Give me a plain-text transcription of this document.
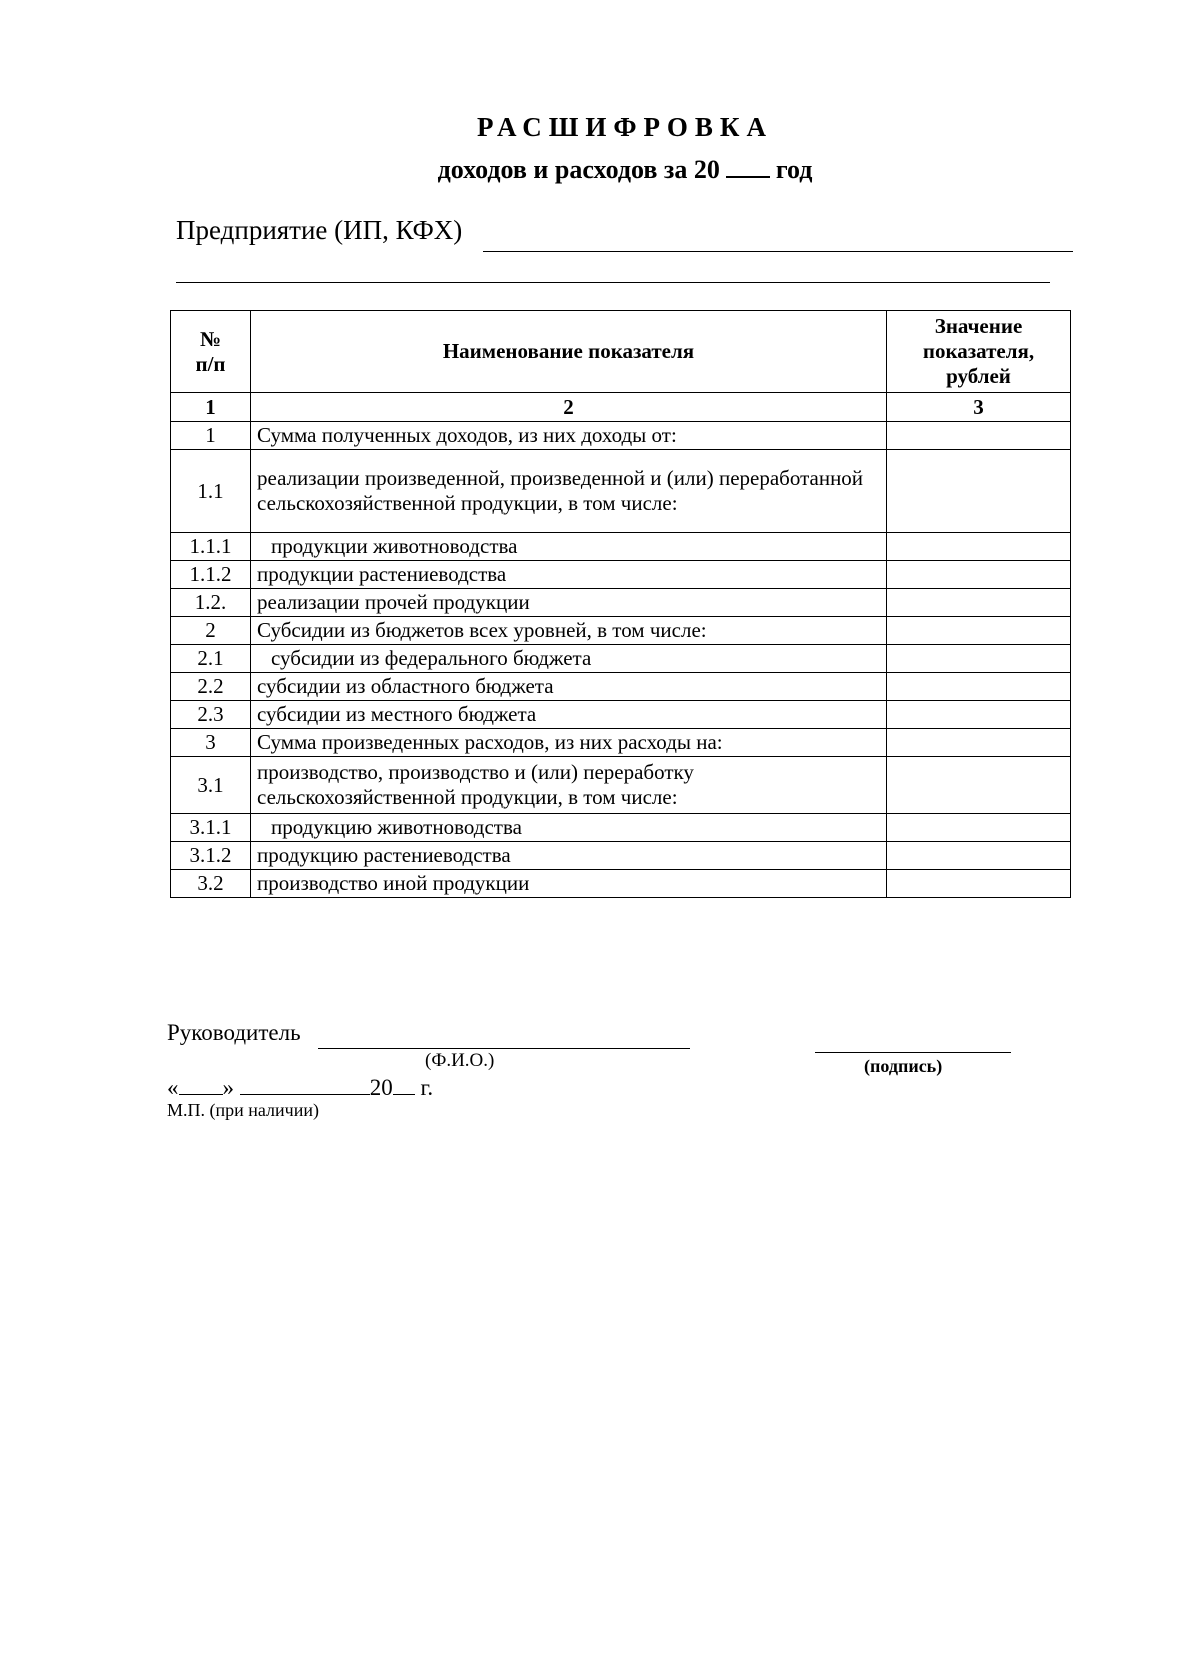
РАСШИФРОВКА
доходов и расходов за 20 год
Предприятие (ИП, КФХ)
№
п/п	Наименование показателя	Значение показателя, рублей
1	2	3
1	Сумма полученных доходов, из них доходы от:	
1.1	реализации произведенной, произведенной и (или) переработанной сельскохозяйственной продукции, в том числе:	
1.1.1	продукции животноводства	
1.1.2	продукции растениеводства	
1.2.	реализации прочей продукции	
2	Субсидии из бюджетов всех уровней, в том числе:	
2.1	субсидии из федерального бюджета	
2.2	субсидии из областного бюджета	
2.3	субсидии из местного бюджета	
3	Сумма произведенных расходов, из них расходы на:	
3.1	производство, производство и (или) переработку сельскохозяйственной продукции, в том числе:	
3.1.1	продукцию животноводства	
3.1.2	продукцию растениеводства	
3.2	производство иной продукции	
Руководитель
(Ф.И.О.)	(подпись)
« »	20 г.
М.П. (при наличии)
